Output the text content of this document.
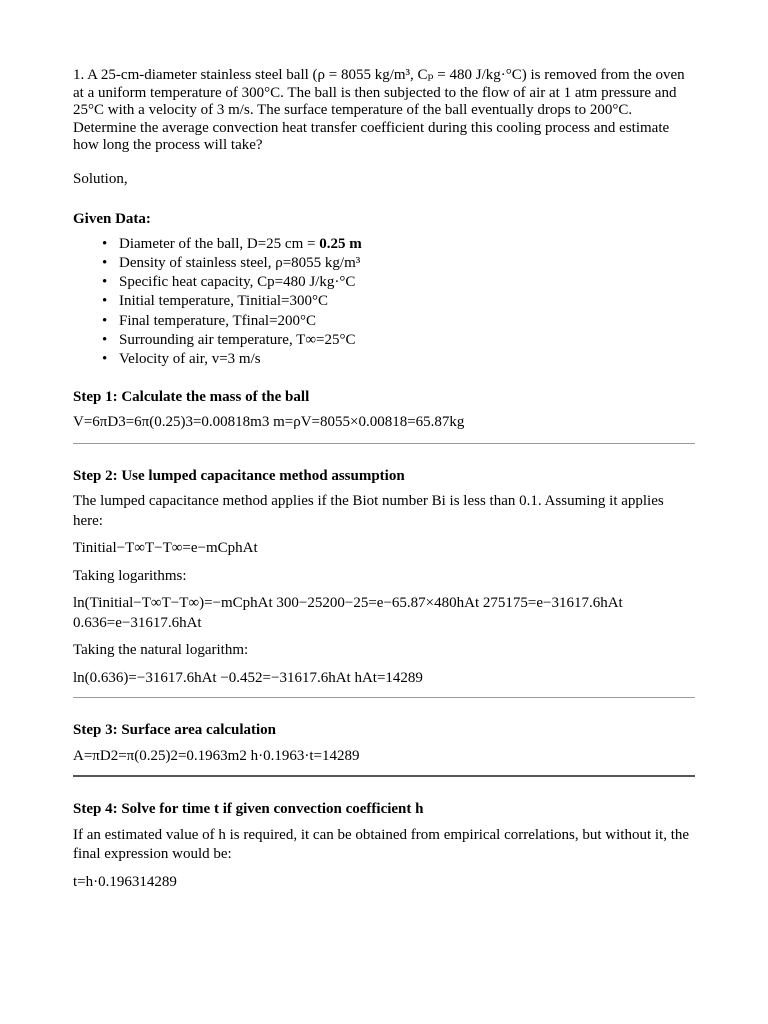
1. A 25-cm-diameter stainless steel ball (ρ = 8055 kg/m³, Cₚ = 480 J/kg·°C) is removed from the oven at a uniform temperature of 300°C. The ball is then subjected to the flow of air at 1 atm pressure and 25°C with a velocity of 3 m/s. The surface temperature of the ball eventually drops to 200°C. Determine the average convection heat transfer coefficient during this cooling process and estimate how long the process will take?

Solution,

Given Data:

• Diameter of the ball, D=25 cm = 0.25 m
• Density of stainless steel, ρ=8055 kg/m³
• Specific heat capacity, Cp=480 J/kg·°C
• Initial temperature, Tinitial=300°C
• Final temperature, Tfinal=200°C
• Surrounding air temperature, T∞=25°C
• Velocity of air, v=3 m/s

Step 1: Calculate the mass of the ball

V=6πD3=6π(0.25)3=0.00818m3 m=ρV=8055×0.00818=65.87kg

Step 2: Use lumped capacitance method assumption

The lumped capacitance method applies if the Biot number Bi is less than 0.1. Assuming it applies here:

Tinitial−T∞T−T∞=e−mCphAt

Taking logarithms:

ln(Tinitial−T∞T−T∞)=−mCphAt 300−25200−25=e−65.87×480hAt 275175=e−31617.6hAt 0.636=e−31617.6hAt

Taking the natural logarithm:

ln(0.636)=−31617.6hAt −0.452=−31617.6hAt hAt=14289

Step 3: Surface area calculation

A=πD2=π(0.25)2=0.1963m2 h·0.1963·t=14289

Step 4: Solve for time t if given convection coefficient h

If an estimated value of h is required, it can be obtained from empirical correlations, but without it, the final expression would be:

t=h·0.196314289
